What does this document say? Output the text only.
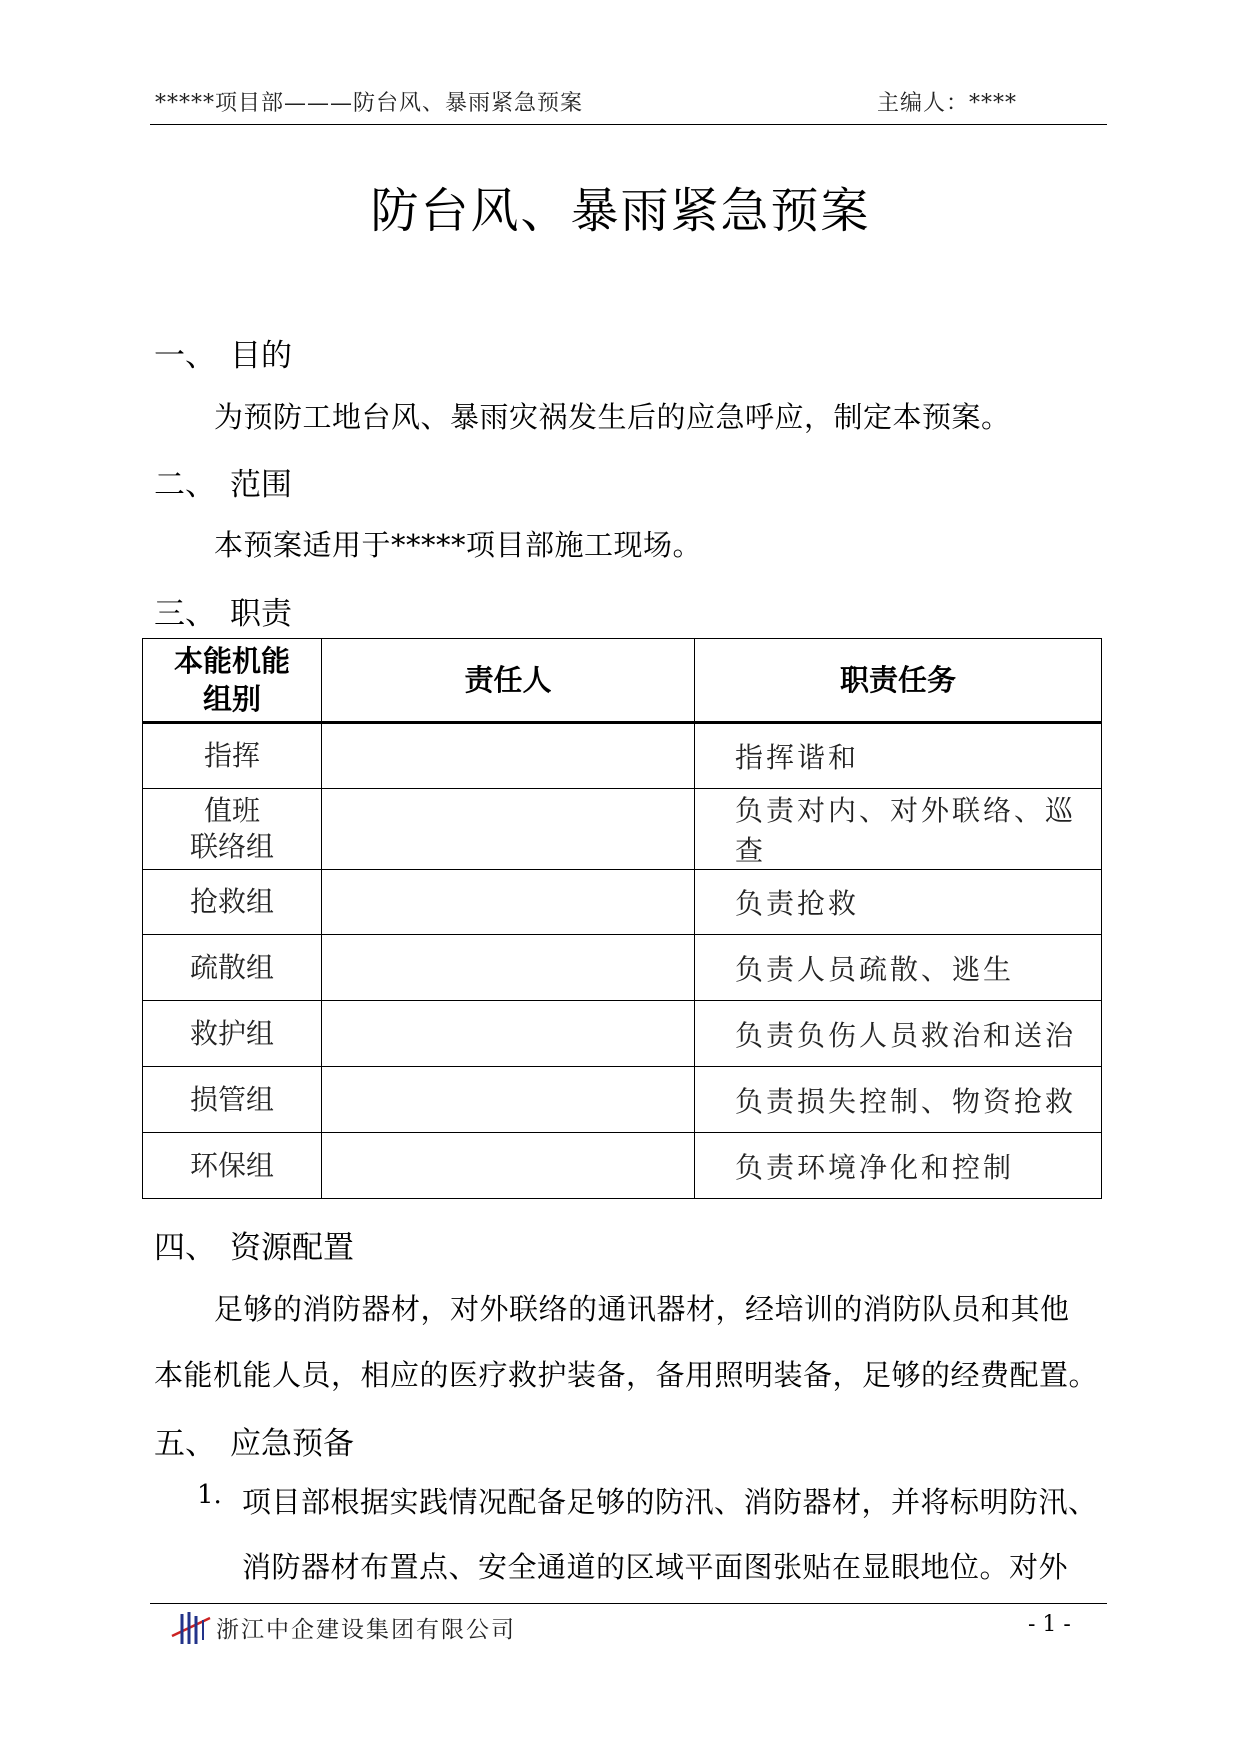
*****项目部———防台风、暴雨紧急预案	主编人：****
防台风、暴雨紧急预案
一、 目的
为预防工地台风、暴雨灾祸发生后的应急呼应，制定本预案。
二、 范围
本预案适用于*****项目部施工现场。
三、 职责
本能机能
组别	责任人	职责任务
指挥		指挥谐和

值班
联络组		负责对内、对外联络、巡查
抢救组		负责抢救
疏散组		负责人员疏散、逃生
救护组		负责负伤人员救治和送治
损管组		负责损失控制、物资抢救
环保组		负责环境净化和控制
四、 资源配置
足够的消防器材，对外联络的通讯器材，经培训的消防队员和其他
本能机能人员，相应的医疗救护装备，备用照明装备，足够的经费配置。
五、 应急预备
1. 项目部根据实践情况配备足够的防汛、消防器材，并将标明防汛、
消防器材布置点、安全通道的区域平面图张贴在显眼地位。对外
浙江中企建设集团有限公司	- 1 -
